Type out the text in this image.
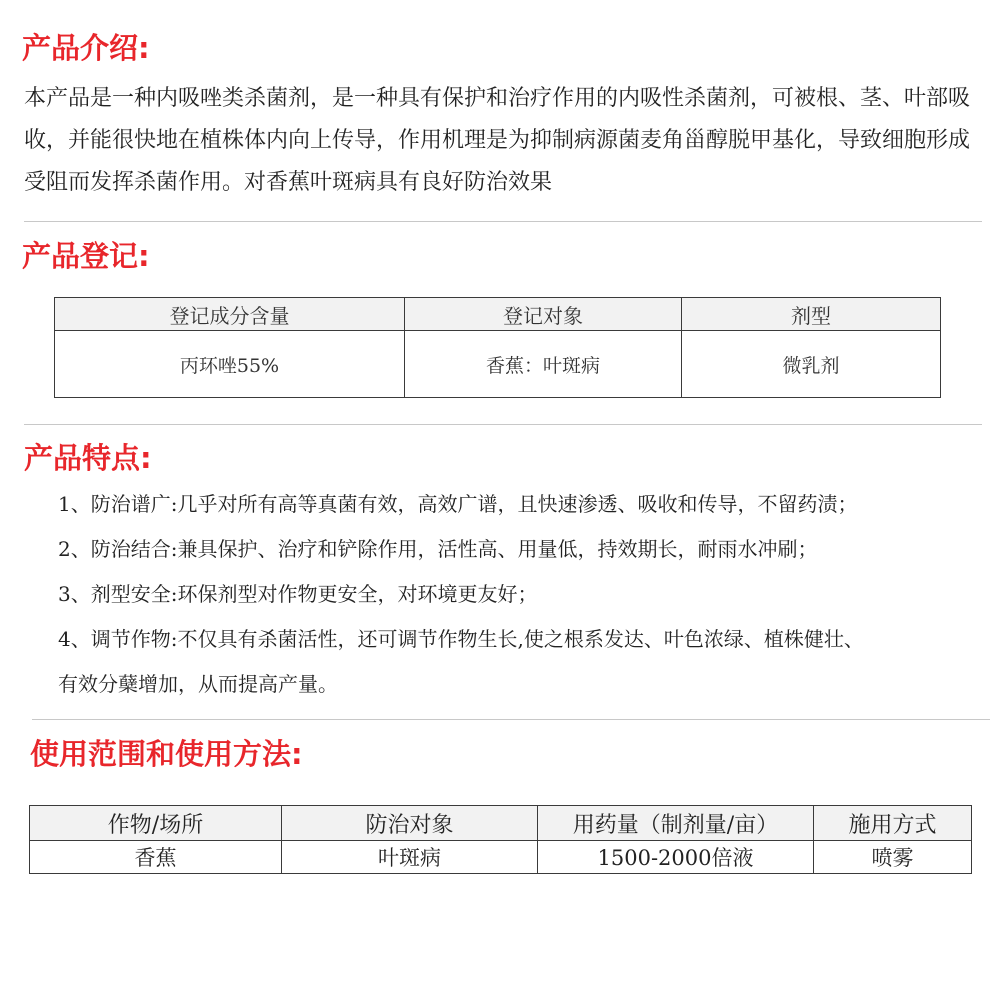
产品介绍:
本产品是一种内吸唑类杀菌剂，是一种具有保护和治疗作用的内吸性杀菌剂，可被根、茎、叶部吸收，并能很快地在植株体内向上传导，作用机理是为抑制病源菌麦角甾醇脱甲基化，导致细胞形成受阻而发挥杀菌作用。对香蕉叶斑病具有良好防治效果
产品登记:
登记成分含量	登记对象	剂型
丙环唑55%	香蕉：叶斑病	微乳剂
产品特点:
1、防治谱广:几乎对所有高等真菌有效，高效广谱，且快速渗透、吸收和传导，不留药渍；
2、防治结合:兼具保护、治疗和铲除作用，活性高、用量低，持效期长，耐雨水冲刷；
3、剂型安全:环保剂型对作物更安全，对环境更友好；
4、调节作物:不仅具有杀菌活性，还可调节作物生长,使之根系发达、叶色浓绿、植株健壮、
有效分蘖增加，从而提高产量。
使用范围和使用方法:
作物/场所	防治对象	用药量（制剂量/亩）	施用方式
香蕉	叶斑病	1500-2000倍液	喷雾
